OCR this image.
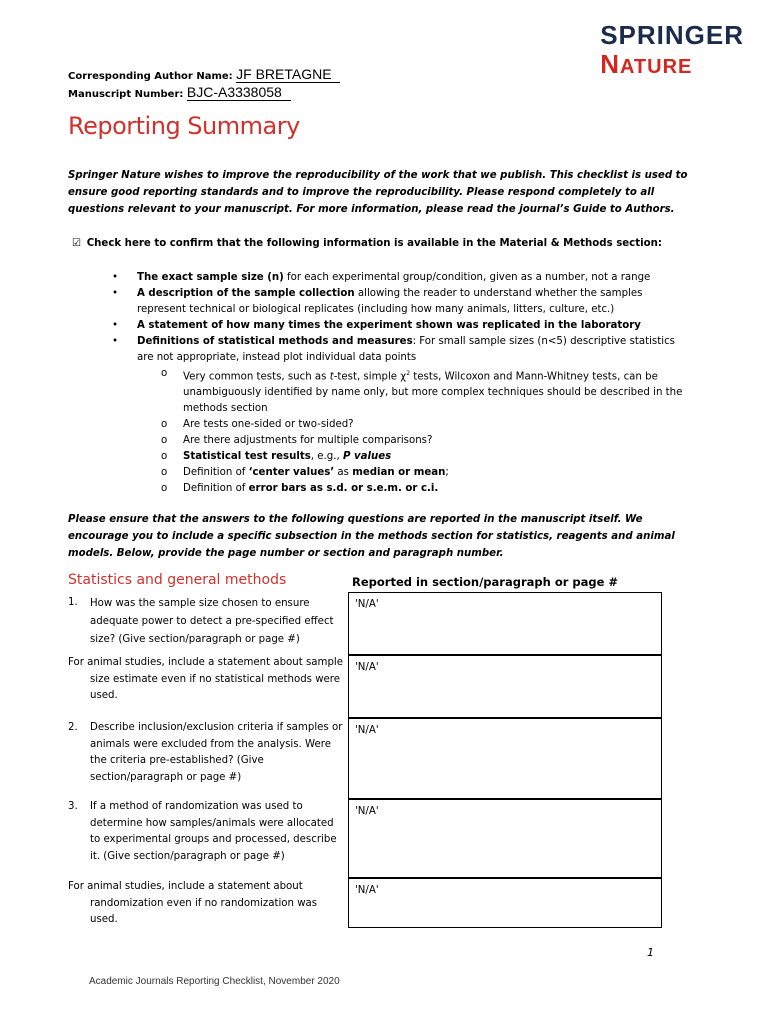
SPRINGER
NATURE
Corresponding Author Name: JF BRETAGNE
Manuscript Number: BJC-A3338058
Reporting Summary
Springer Nature wishes to improve the reproducibility of the work that we publish. This checklist is used to ensure good reporting standards and to improve the reproducibility. Please respond completely to all questions relevant to your manuscript. For more information, please read the journal’s Guide to Authors.
☑ Check here to confirm that the following information is available in the Material & Methods section:
• The exact sample size (n) for each experimental group/condition, given as a number, not a range
• A description of the sample collection allowing the reader to understand whether the samples represent technical or biological replicates (including how many animals, litters, culture, etc.)
• A statement of how many times the experiment shown was replicated in the laboratory
• Definitions of statistical methods and measures: For small sample sizes (n<5) descriptive statistics are not appropriate, instead plot individual data points
o Very common tests, such as t-test, simple $\chi^2$ tests, Wilcoxon and Mann-Whitney tests, can be unambiguously identified by name only, but more complex techniques should be described in the methods section
o Are tests one-sided or two-sided?
o Are there adjustments for multiple comparisons?
o Statistical test results, e.g., P values
o Definition of ‘center values’ as median or mean;
o Definition of error bars as s.d. or s.e.m. or c.i.
Please ensure that the answers to the following questions are reported in the manuscript itself. We encourage you to include a specific subsection in the methods section for statistics, reagents and animal models. Below, provide the page number or section and paragraph number.
Statistics and general methods	Reported in section/paragraph or page #
1.	How was the sample size chosen to ensure adequate power to detect a pre-specified effect size? (Give section/paragraph or page #)
'N/A'
For animal studies, include a statement about sample size estimate even if no statistical methods were used.
'N/A'
2.	Describe inclusion/exclusion criteria if samples or animals were excluded from the analysis. Were the criteria pre-established? (Give section/paragraph or page #)
'N/A'
3.	If a method of randomization was used to determine how samples/animals were allocated to experimental groups and processed, describe it. (Give section/paragraph or page #)
'N/A'
For animal studies, include a statement about randomization even if no randomization was used.
'N/A'
1
Academic Journals Reporting Checklist, November 2020
